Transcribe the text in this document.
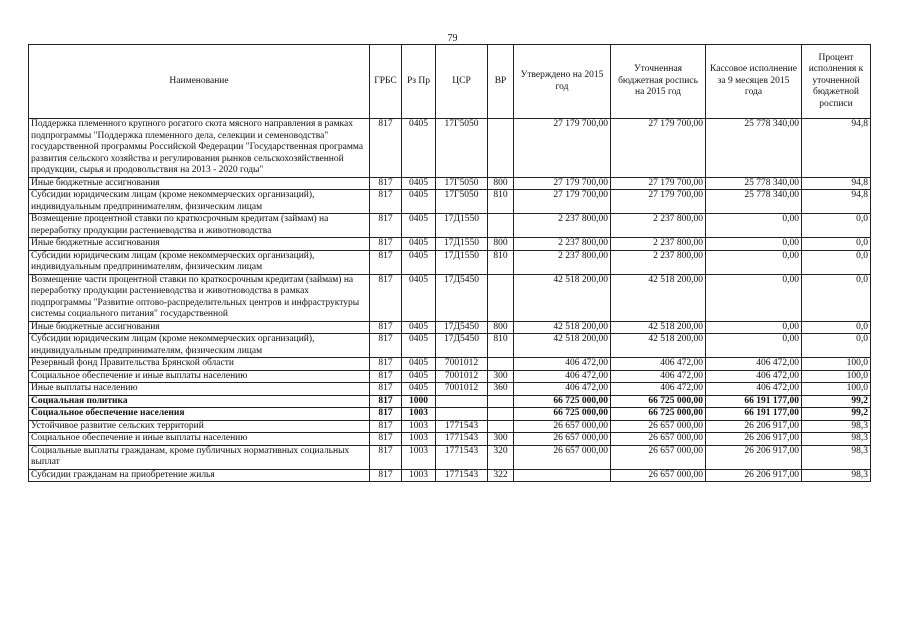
79
Наименование	ГРБС	Рз Пр	ЦСР	ВР	Утверждено на 2015 год	Уточненная бюджетная роспись на 2015 год	Кассовое исполнение за 9 месяцев 2015 года	Процент исполнения к уточненной бюджетной росписи
Поддержка племенного крупного рогатого скота мясного направления в рамках подпрограммы "Поддержка племенного дела, селекции и семеноводства" государственной программы Российской Федерации "Государственная программа развития сельского хозяйства и регулирования рынков сельскохозяйственной продукции, сырья и продовольствия на 2013 - 2020 годы"	817	0405	17Г5050		27 179 700,00	27 179 700,00	25 778 340,00	94,8
Иные бюджетные ассигнования	817	0405	17Г5050	800	27 179 700,00	27 179 700,00	25 778 340,00	94,8
Субсидии юридическим лицам (кроме некоммерческих организаций), индивидуальным предпринимателям, физическим лицам	817	0405	17Г5050	810	27 179 700,00	27 179 700,00	25 778 340,00	94,8
Возмещение процентной ставки по краткосрочным кредитам (займам) на переработку продукции растениеводства и животноводства	817	0405	17Д1550		2 237 800,00	2 237 800,00	0,00	0,0
Иные бюджетные ассигнования	817	0405	17Д1550	800	2 237 800,00	2 237 800,00	0,00	0,0
Субсидии юридическим лицам (кроме некоммерческих организаций), индивидуальным предпринимателям, физическим лицам	817	0405	17Д1550	810	2 237 800,00	2 237 800,00	0,00	0,0
Возмещение части процентной ставки по краткосрочным кредитам (займам) на переработку продукции растениеводства и животноводства в рамках подпрограммы "Развитие оптово-распределительных центров и инфраструктуры системы социального питания" государственной	817	0405	17Д5450		42 518 200,00	42 518 200,00	0,00	0,0
Иные бюджетные ассигнования	817	0405	17Д5450	800	42 518 200,00	42 518 200,00	0,00	0,0
Субсидии юридическим лицам (кроме некоммерческих организаций), индивидуальным предпринимателям, физическим лицам	817	0405	17Д5450	810	42 518 200,00	42 518 200,00	0,00	0,0
Резервный фонд Правительства Брянской области	817	0405	7001012		406 472,00	406 472,00	406 472,00	100,0
Социальное обеспечение и иные выплаты населению	817	0405	7001012	300	406 472,00	406 472,00	406 472,00	100,0
Иные выплаты населению	817	0405	7001012	360	406 472,00	406 472,00	406 472,00	100,0
Социальная политика	817	1000			66 725 000,00	66 725 000,00	66 191 177,00	99,2
Социальное обеспечение населения	817	1003			66 725 000,00	66 725 000,00	66 191 177,00	99,2
Устойчивое развитие сельских территорий	817	1003	1771543		26 657 000,00	26 657 000,00	26 206 917,00	98,3
Социальное обеспечение и иные выплаты населению	817	1003	1771543	300	26 657 000,00	26 657 000,00	26 206 917,00	98,3
Социальные выплаты гражданам, кроме публичных нормативных социальных выплат	817	1003	1771543	320	26 657 000,00	26 657 000,00	26 206 917,00	98,3
Субсидии гражданам на приобретение жилья	817	1003	1771543	322		26 657 000,00	26 206 917,00	98,3
